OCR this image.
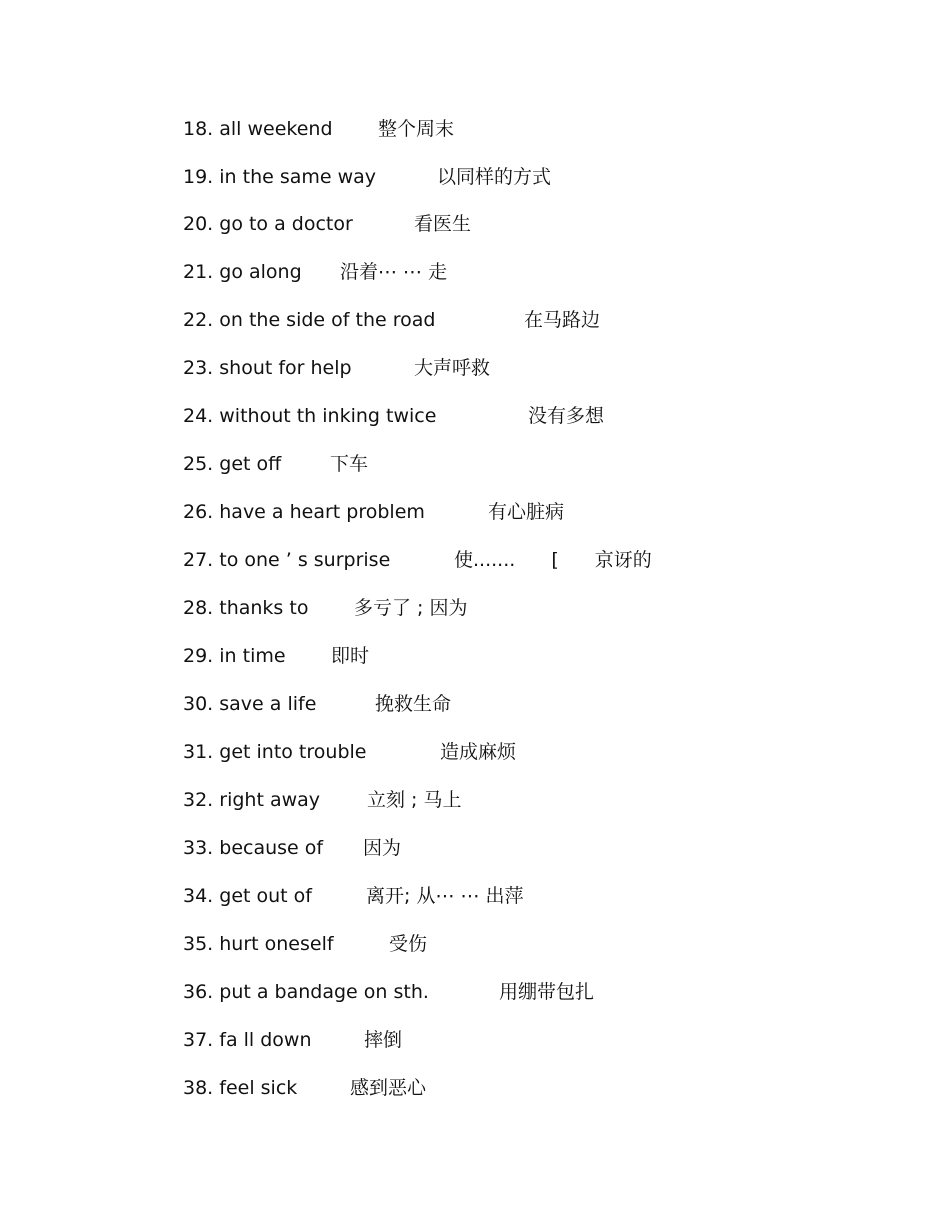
18. all weekend 整个周末
19. in the same way	以同样的方式
20. go to a doctor	看医生
21. go along 沿着⋯ ⋯ 走
22. on the side of the road	在马路边
23. shout for help	大声呼救
24. without th inking twice	没有多想
25. get off	下车
26. have a heart problem	有心脏病
27. to one ’ s surprise	使....... [ 京讶的
28. thanks to 多亏了 ; 因为
29. in time 即时
30. save a life	挽救生命
31. get into trouble	造成麻烦
32. right away 立刻 ; 马上
33. because of 因为
34. get out of	离开; 从⋯ ⋯ 出萍
35. hurt oneself	受伤
36. put a bandage on sth.	用绷带包扎
37. fa ll down	摔倒
38. feel sick	感到恶心
